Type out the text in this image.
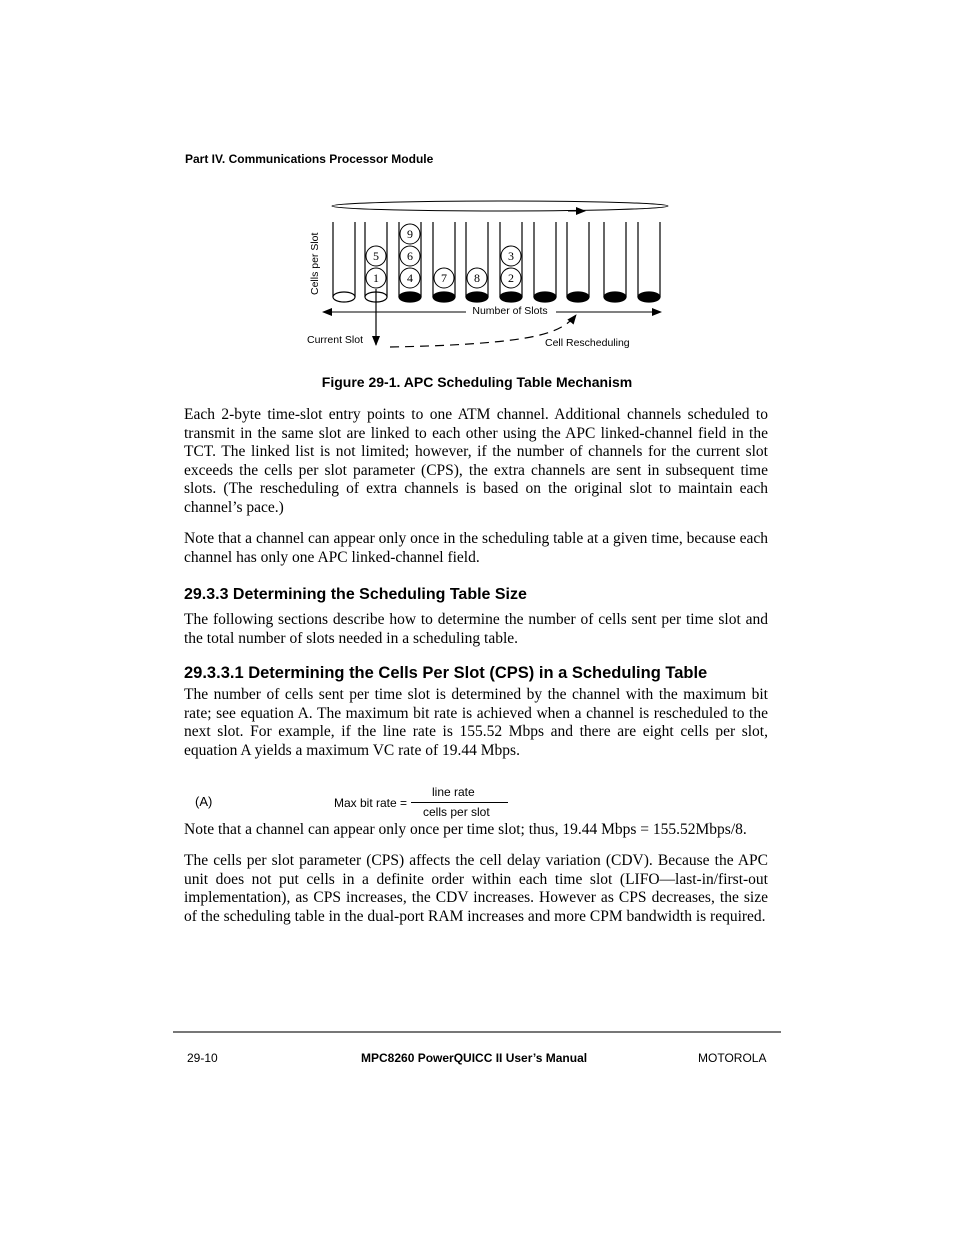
Part IV. Communications Processor Module
9
5 6	3
1 4 7 8 2
Cells per Slot
Number of Slots
Current Slot	Cell Rescheduling
Figure 29-1. APC Scheduling Table Mechanism

Each 2-byte time-slot entry points to one ATM channel. Additional channels scheduled to transmit in the same slot are linked to each other using the APC linked-channel field in the TCT. The linked list is not limited; however, if the number of channels for the current slot exceeds the cells per slot parameter (CPS), the extra channels are sent in subsequent time slots. (The rescheduling of extra channels is based on the original slot to maintain each channel’s pace.)

Note that a channel can appear only once in the scheduling table at a given time, because each channel has only one APC linked-channel field.

29.3.3 Determining the Scheduling Table Size

The following sections describe how to determine the number of cells sent per time slot and the total number of slots needed in a scheduling table.

29.3.3.1 Determining the Cells Per Slot (CPS) in a Scheduling Table

The number of cells sent per time slot is determined by the channel with the maximum bit rate; see equation A. The maximum bit rate is achieved when a channel is rescheduled to the next slot. For example, if the line rate is 155.52 Mbps and there are eight cells per slot, equation A yields a maximum VC rate of 19.44 Mbps.

(A)	Max bit rate =
line rate
cells per slot

Note that a channel can appear only once per time slot; thus, 19.44 Mbps = 155.52Mbps/8.

The cells per slot parameter (CPS) affects the cell delay variation (CDV). Because the APC unit does not put cells in a definite order within each time slot (LIFO—last-in/first-out implementation), as CPS increases, the CDV increases. However as CPS decreases, the size of the scheduling table in the dual-port RAM increases and more CPM bandwidth is required.

29-10	MPC8260 PowerQUICC II User’s Manual	MOTOROLA
